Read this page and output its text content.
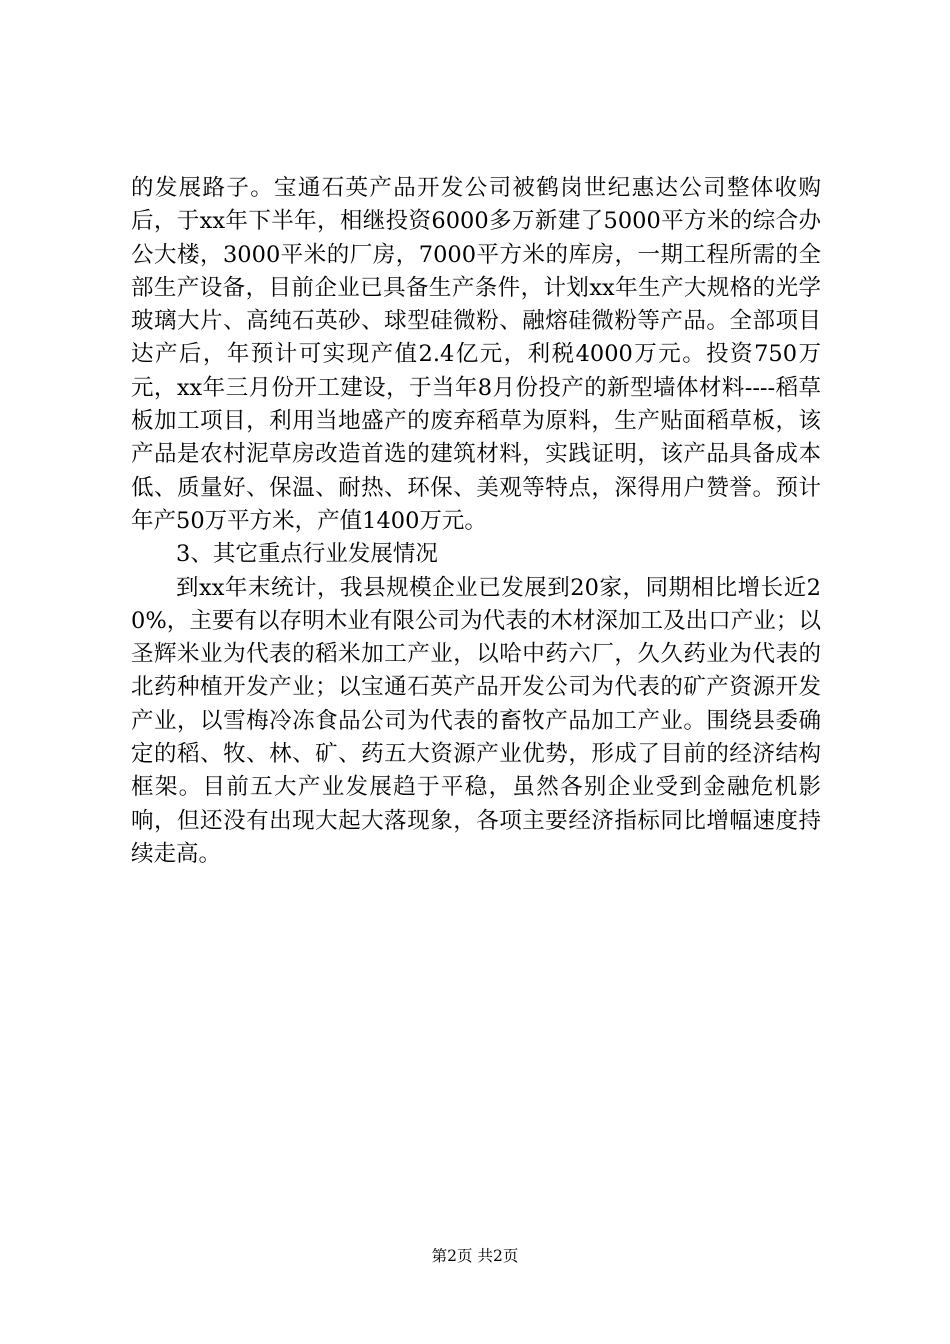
的发展路子。宝通石英产品开发公司被鹤岗世纪惠达公司整体收购后，于xx年下半年，相继投资6000多万新建了5000平方米的综合办公大楼，3000平米的厂房，7000平方米的库房，一期工程所需的全部生产设备，目前企业已具备生产条件，计划xx年生产大规格的光学玻璃大片、高纯石英砂、球型硅微粉、融熔硅微粉等产品。全部项目达产后，年预计可实现产值2.4亿元，利税4000万元。投资750万元，xx年三月份开工建设，于当年8月份投产的新型墙体材料----稻草板加工项目，利用当地盛产的废弃稻草为原料，生产贴面稻草板，该产品是农村泥草房改造首选的建筑材料，实践证明，该产品具备成本低、质量好、保温、耐热、环保、美观等特点，深得用户赞誉。预计年产50万平方米，产值1400万元。

3、其它重点行业发展情况

到xx年末统计，我县规模企业已发展到20家，同期相比增长近20%，主要有以存明木业有限公司为代表的木材深加工及出口产业；以圣辉米业为代表的稻米加工产业，以哈中药六厂，久久药业为代表的北药种植开发产业；以宝通石英产品开发公司为代表的矿产资源开发产业，以雪梅冷冻食品公司为代表的畜牧产品加工产业。围绕县委确定的稻、牧、林、矿、药五大资源产业优势，形成了目前的经济结构框架。目前五大产业发展趋于平稳，虽然各别企业受到金融危机影响，但还没有出现大起大落现象，各项主要经济指标同比增幅速度持续走高。

第2页 共2页
